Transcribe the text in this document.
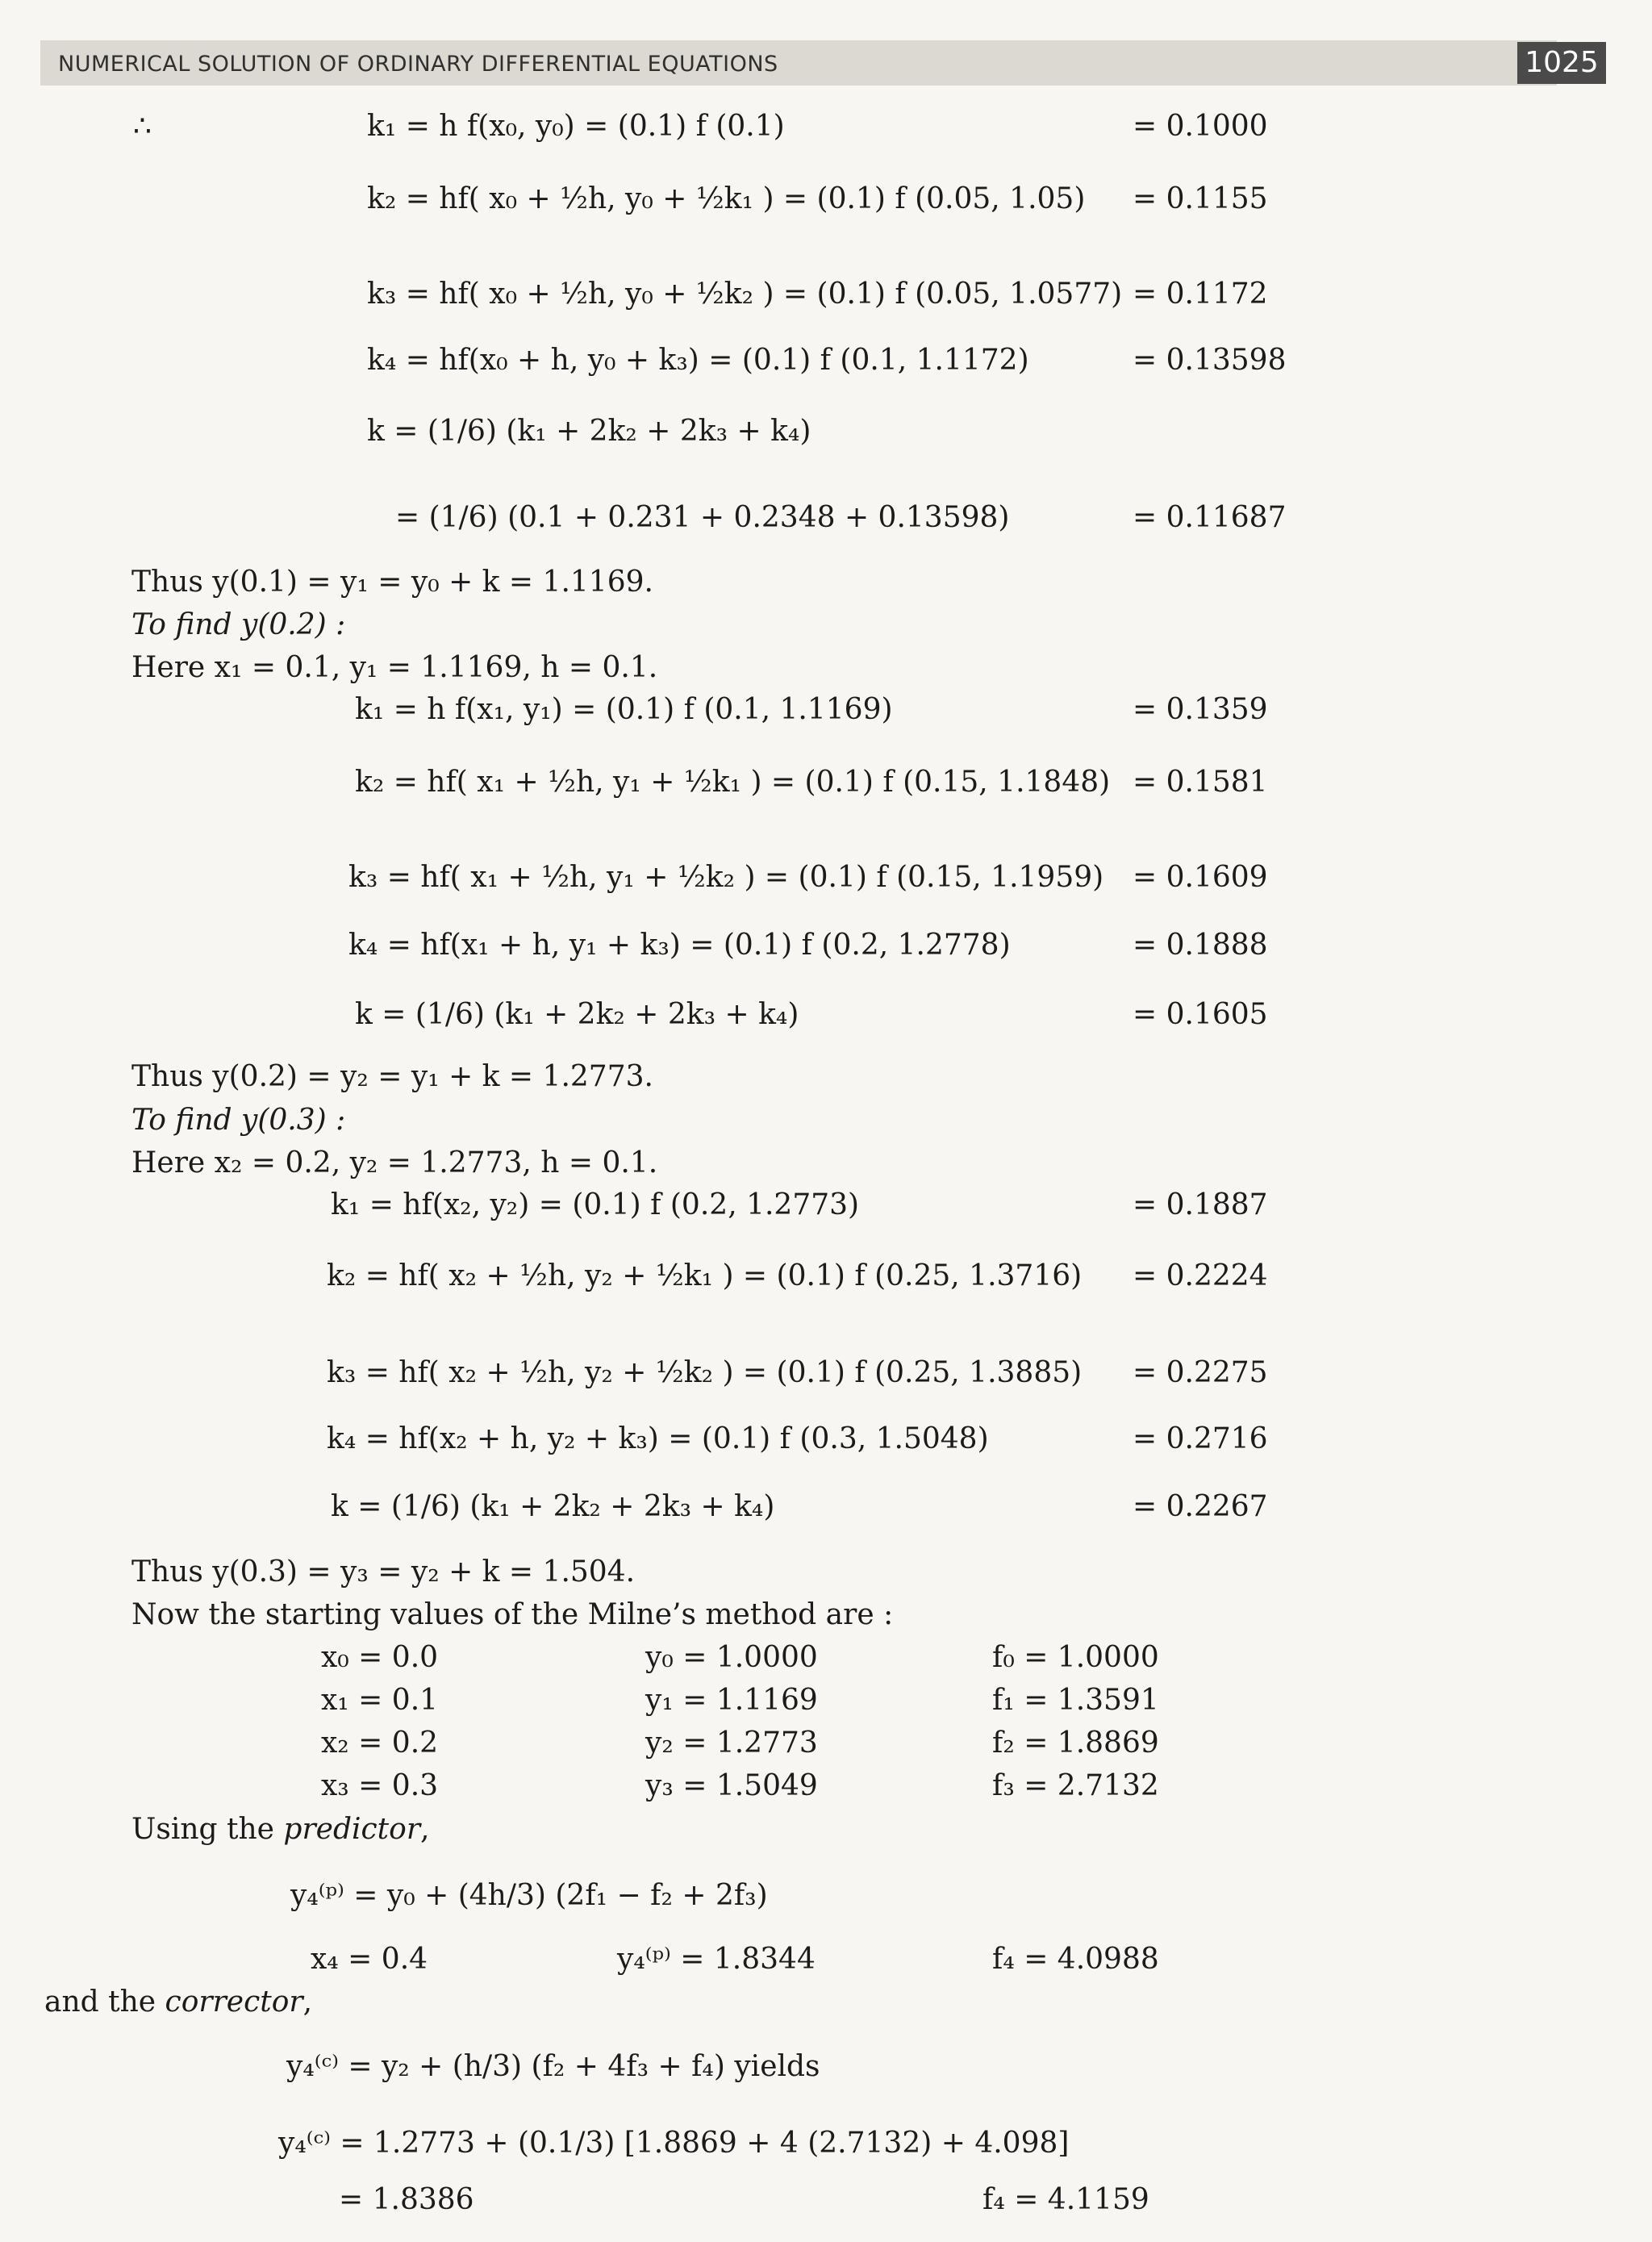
NUMERICAL SOLUTION OF ORDINARY DIFFERENTIAL EQUATIONS	1025
∴	k₁ = h f(x₀, y₀) = (0.1) f (0.1)	= 0.1000
k₂ = hf( x₀ + ½h, y₀ + ½k₁ ) = (0.1) f (0.05, 1.05) = 0.1155
k₃ = hf( x₀ + ½h, y₀ + ½k₂ ) = (0.1) f (0.05, 1.0577) = 0.1172
k₄ = hf(x₀ + h, y₀ + k₃) = (0.1) f (0.1, 1.1172)	= 0.13598
k = (1/6) (k₁ + 2k₂ + 2k₃ + k₄)
= (1/6) (0.1 + 0.231 + 0.2348 + 0.13598)	= 0.11687
Thus y(0.1) = y₁ = y₀ + k = 1.1169.
To find y(0.2) :
Here x₁ = 0.1, y₁ = 1.1169, h = 0.1.
k₁ = h f(x₁, y₁) = (0.1) f (0.1, 1.1169)	= 0.1359
k₂ = hf( x₁ + ½h, y₁ + ½k₁ ) = (0.1) f (0.15, 1.1848) = 0.1581
k₃ = hf( x₁ + ½h, y₁ + ½k₂ ) = (0.1) f (0.15, 1.1959) = 0.1609
k₄ = hf(x₁ + h, y₁ + k₃) = (0.1) f (0.2, 1.2778)	= 0.1888
k = (1/6) (k₁ + 2k₂ + 2k₃ + k₄)	= 0.1605
Thus y(0.2) = y₂ = y₁ + k = 1.2773.
To find y(0.3) :
Here x₂ = 0.2, y₂ = 1.2773, h = 0.1.
k₁ = hf(x₂, y₂) = (0.1) f (0.2, 1.2773)	= 0.1887
k₂ = hf( x₂ + ½h, y₂ + ½k₁ ) = (0.1) f (0.25, 1.3716) = 0.2224
k₃ = hf( x₂ + ½h, y₂ + ½k₂ ) = (0.1) f (0.25, 1.3885) = 0.2275
k₄ = hf(x₂ + h, y₂ + k₃) = (0.1) f (0.3, 1.5048)	= 0.2716
k = (1/6) (k₁ + 2k₂ + 2k₃ + k₄)	= 0.2267
Thus y(0.3) = y₃ = y₂ + k = 1.504.
Now the starting values of the Milne’s method are :
x₀ = 0.0	y₀ = 1.0000	f₀ = 1.0000
x₁ = 0.1	y₁ = 1.1169	f₁ = 1.3591
x₂ = 0.2	y₂ = 1.2773	f₂ = 1.8869
x₃ = 0.3	y₃ = 1.5049	f₃ = 2.7132
Using the predictor,
y₄⁽ᵖ⁾ = y₀ + (4h/3) (2f₁ − f₂ + 2f₃)
x₄ = 0.4	y₄⁽ᵖ⁾ = 1.8344	f₄ = 4.0988
and the corrector,
y₄⁽ᶜ⁾ = y₂ + (h/3) (f₂ + 4f₃ + f₄) yields
y₄⁽ᶜ⁾ = 1.2773 + (0.1/3) [1.8869 + 4 (2.7132) + 4.098]
= 1.8386	f₄ = 4.1159
